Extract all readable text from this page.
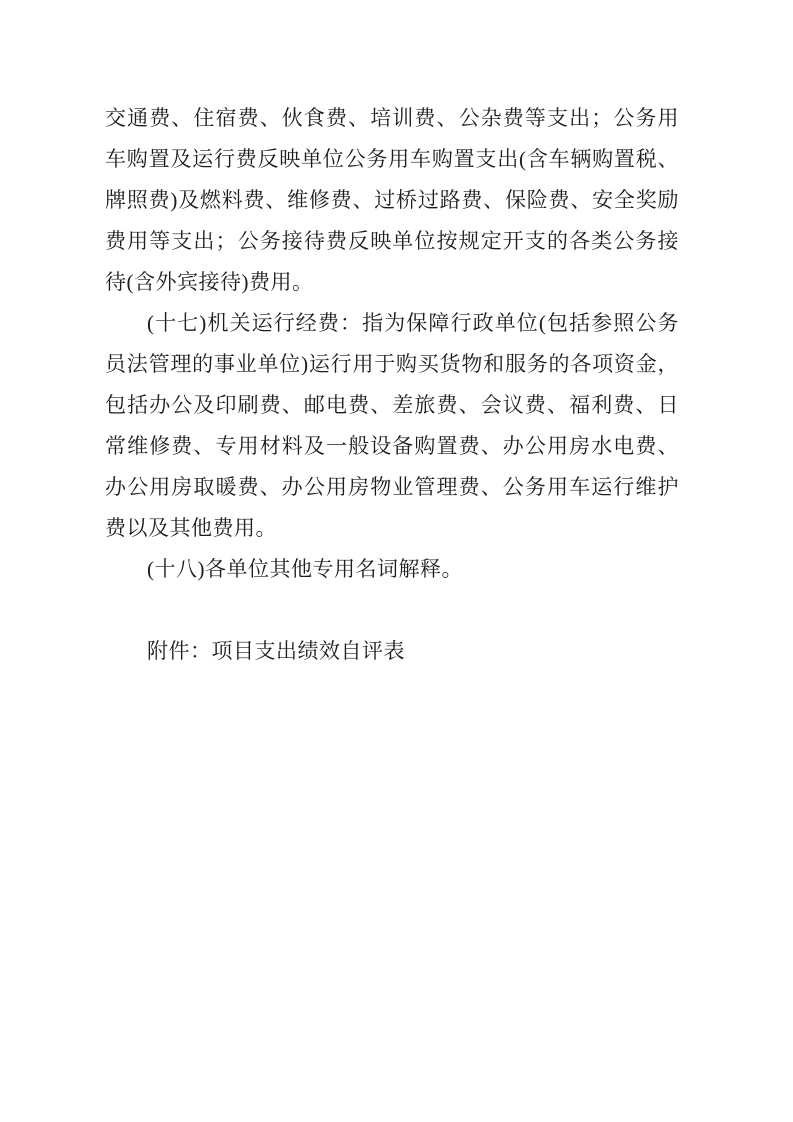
交通费、住宿费、伙食费、培训费、公杂费等支出；公务用车购置及运行费反映单位公务用车购置支出(含车辆购置税、牌照费)及燃料费、维修费、过桥过路费、保险费、安全奖励费用等支出；公务接待费反映单位按规定开支的各类公务接待(含外宾接待)费用。

(十七)机关运行经费：指为保障行政单位(包括参照公务员法管理的事业单位)运行用于购买货物和服务的各项资金，包括办公及印刷费、邮电费、差旅费、会议费、福利费、日常维修费、专用材料及一般设备购置费、办公用房水电费、办公用房取暖费、办公用房物业管理费、公务用车运行维护费以及其他费用。

(十八)各单位其他专用名词解释。

附件：项目支出绩效自评表
